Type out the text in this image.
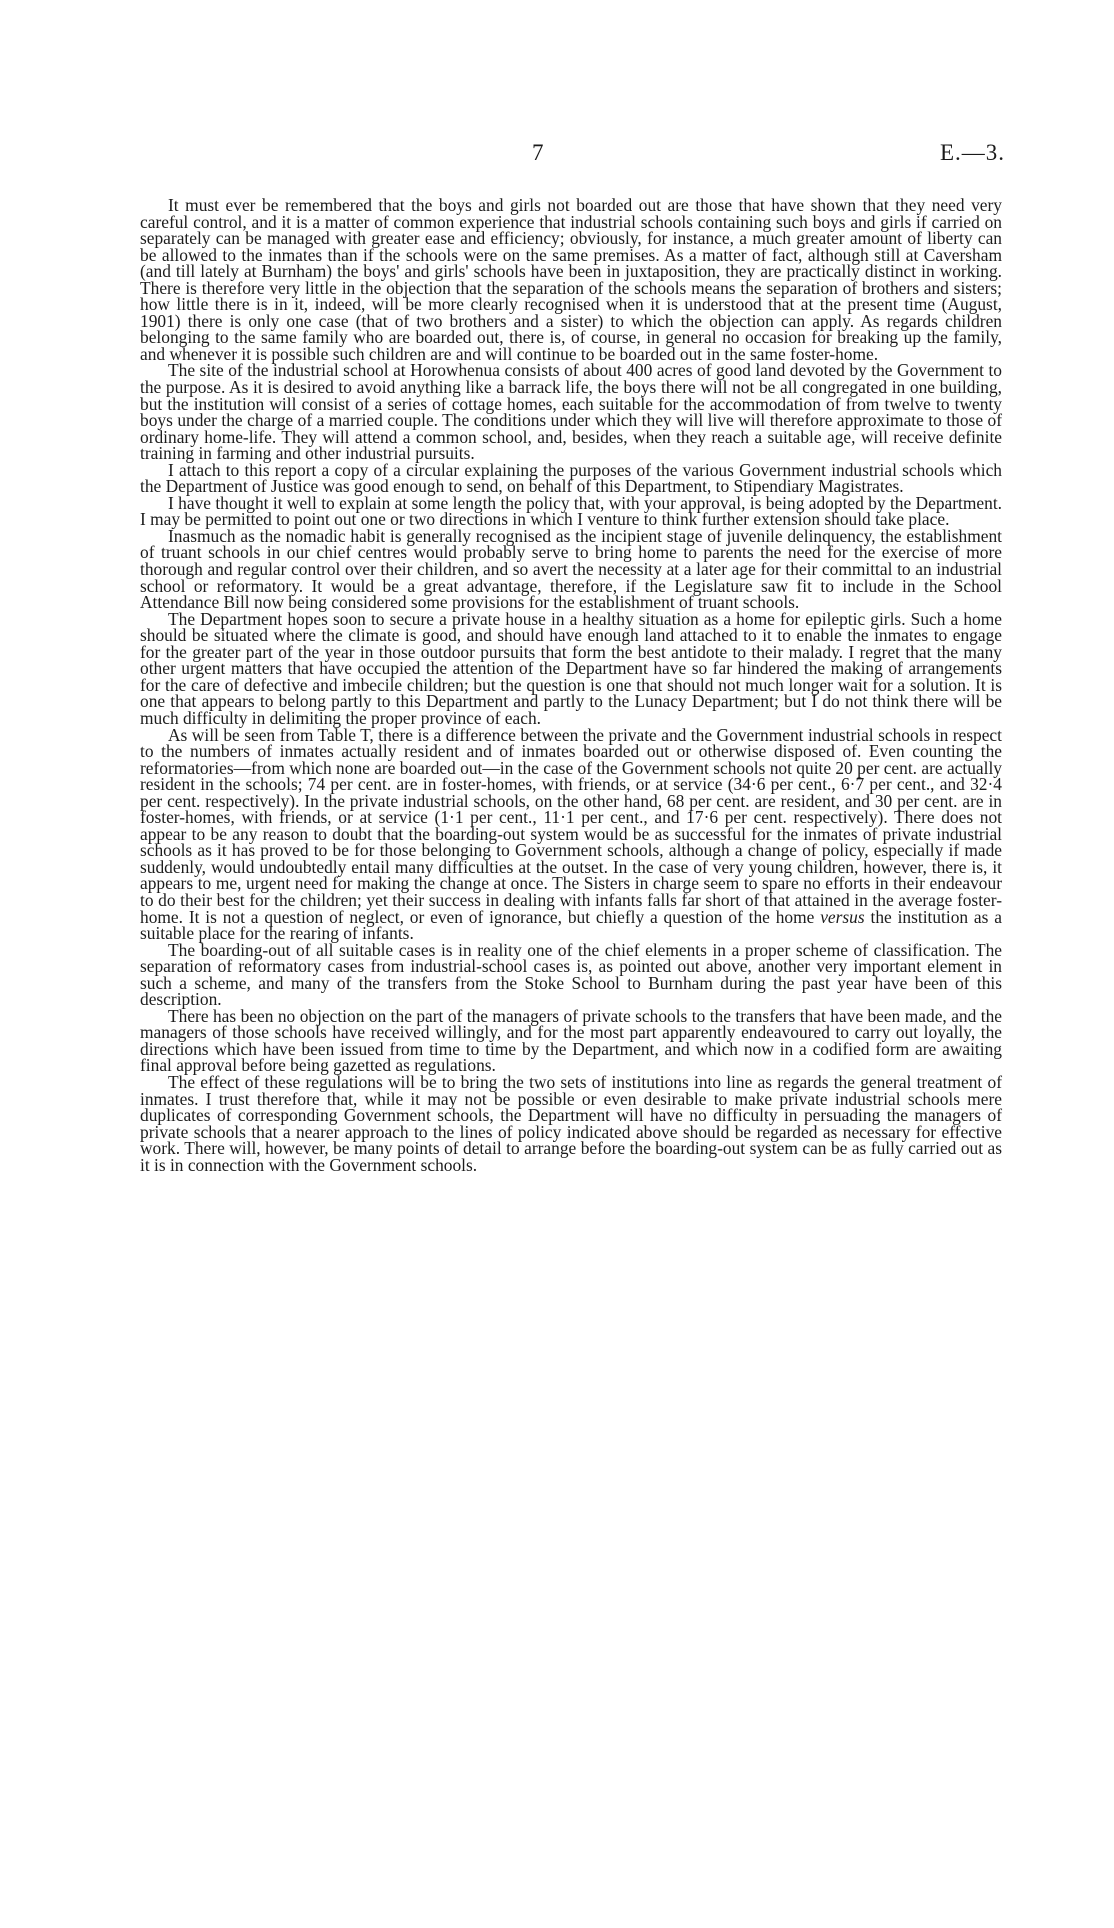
7	E.—3.

It must ever be remembered that the boys and girls not boarded out are those that have shown that they need very careful control, and it is a matter of common experience that industrial schools containing such boys and girls if carried on separately can be managed with greater ease and efficiency; obviously, for instance, a much greater amount of liberty can be allowed to the inmates than if the schools were on the same premises. As a matter of fact, although still at Caversham (and till lately at Burnham) the boys' and girls' schools have been in juxtaposition, they are practically distinct in working. There is therefore very little in the objection that the separation of the schools means the separation of brothers and sisters; how little there is in it, indeed, will be more clearly recognised when it is understood that at the present time (August, 1901) there is only one case (that of two brothers and a sister) to which the objection can apply. As regards children belonging to the same family who are boarded out, there is, of course, in general no occasion for breaking up the family, and whenever it is possible such children are and will continue to be boarded out in the same foster-home.

The site of the industrial school at Horowhenua consists of about 400 acres of good land devoted by the Government to the purpose. As it is desired to avoid anything like a barrack life, the boys there will not be all congregated in one building, but the institution will consist of a series of cottage homes, each suitable for the accommodation of from twelve to twenty boys under the charge of a married couple. The conditions under which they will live will therefore approximate to those of ordinary home-life. They will attend a common school, and, besides, when they reach a suitable age, will receive definite training in farming and other industrial pursuits.

I attach to this report a copy of a circular explaining the purposes of the various Government industrial schools which the Department of Justice was good enough to send, on behalf of this Department, to Stipendiary Magistrates.

I have thought it well to explain at some length the policy that, with your approval, is being adopted by the Department. I may be permitted to point out one or two directions in which I venture to think further extension should take place.

Inasmuch as the nomadic habit is generally recognised as the incipient stage of juvenile delinquency, the establishment of truant schools in our chief centres would probably serve to bring home to parents the need for the exercise of more thorough and regular control over their children, and so avert the necessity at a later age for their committal to an industrial school or reformatory. It would be a great advantage, therefore, if the Legislature saw fit to include in the School Attendance Bill now being considered some provisions for the establishment of truant schools.

The Department hopes soon to secure a private house in a healthy situation as a home for epileptic girls. Such a home should be situated where the climate is good, and should have enough land attached to it to enable the inmates to engage for the greater part of the year in those outdoor pursuits that form the best antidote to their malady. I regret that the many other urgent matters that have occupied the attention of the Department have so far hindered the making of arrangements for the care of defective and imbecile children; but the question is one that should not much longer wait for a solution. It is one that appears to belong partly to this Department and partly to the Lunacy Department; but I do not think there will be much difficulty in delimiting the proper province of each.

As will be seen from Table T, there is a difference between the private and the Government industrial schools in respect to the numbers of inmates actually resident and of inmates boarded out or otherwise disposed of. Even counting the reformatories—from which none are boarded out—in the case of the Government schools not quite 20 per cent. are actually resident in the schools; 74 per cent. are in foster-homes, with friends, or at service (34·6 per cent., 6·7 per cent., and 32·4 per cent. respectively). In the private industrial schools, on the other hand, 68 per cent. are resident, and 30 per cent. are in foster-homes, with friends, or at service (1·1 per cent., 11·1 per cent., and 17·6 per cent. respectively). There does not appear to be any reason to doubt that the boarding-out system would be as successful for the inmates of private industrial schools as it has proved to be for those belonging to Government schools, although a change of policy, especially if made suddenly, would undoubtedly entail many difficulties at the outset. In the case of very young children, however, there is, it appears to me, urgent need for making the change at once. The Sisters in charge seem to spare no efforts in their endeavour to do their best for the children; yet their success in dealing with infants falls far short of that attained in the average foster-home. It is not a question of neglect, or even of ignorance, but chiefly a question of the home versus the institution as a suitable place for the rearing of infants.

The boarding-out of all suitable cases is in reality one of the chief elements in a proper scheme of classification. The separation of reformatory cases from industrial-school cases is, as pointed out above, another very important element in such a scheme, and many of the transfers from the Stoke School to Burnham during the past year have been of this description.

There has been no objection on the part of the managers of private schools to the transfers that have been made, and the managers of those schools have received willingly, and for the most part apparently endeavoured to carry out loyally, the directions which have been issued from time to time by the Department, and which now in a codified form are awaiting final approval before being gazetted as regulations.

The effect of these regulations will be to bring the two sets of institutions into line as regards the general treatment of inmates. I trust therefore that, while it may not be possible or even desirable to make private industrial schools mere duplicates of corresponding Government schools, the Department will have no difficulty in persuading the managers of private schools that a nearer approach to the lines of policy indicated above should be regarded as necessary for effective work. There will, however, be many points of detail to arrange before the boarding-out system can be as fully carried out as it is in connection with the Government schools.
